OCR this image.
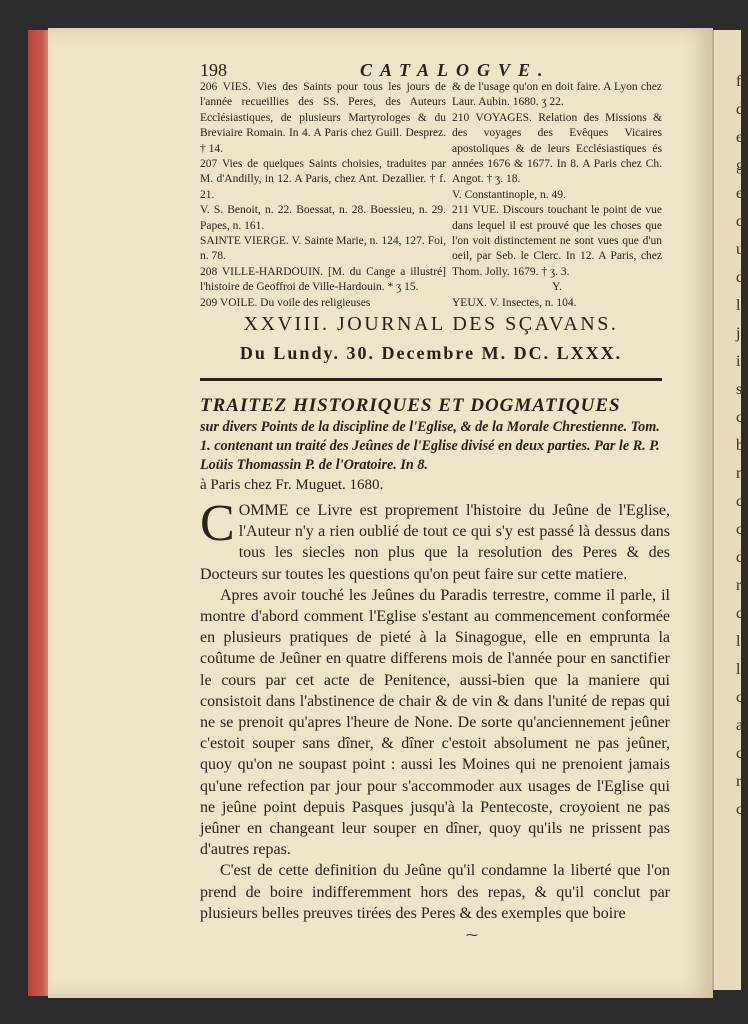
fc
d
e
g
e
q
u
d
l
j
i
s
c
b
n
c
c
d
r
c
l
l
c
a
c
r
c
198	CATALOGVE.

206 VIES. Vies des Saints pour tous les jours de l'année recueillies des SS. Peres, des Auteurs Ecclésiastiques, de plusieurs Martyrologes & du Breviaire Romain. In 4. A Paris chez Guill. Desprez. † 14.

207 Vies de quelques Saints choisies, traduites par M. d'Andilly, in 12. A Paris, chez Ant. Dezallier. † f. 21.

V. S. Benoit, n. 22. Boessat, n. 28. Boessieu, n. 29. Papes, n. 161.

SAINTE VIERGE. V. Sainte Marie, n. 124, 127. Foi, n. 78.

208 VILLE-HARDOUIN. [M. du Cange a illustré] l'histoire de Geoffroi de Ville-Hardouin. * ʒ 15.

209 VOILE. Du voile des religieuses

& de l'usage qu'on en doit faire. A Lyon chez Laur. Aubin. 1680. ʒ 22.

210 VOYAGES. Relation des Missions & des voyages des Evêques Vicaires apostoliques & de leurs Ecclésiastiques és années 1676 & 1677. In 8. A Paris chez Ch. Angot. † ʒ. 18.

V. Constantinople, n. 49.

211 VUE. Discours touchant le point de vue dans lequel il est prouvé que les choses que l'on voit distinctement ne sont vues que d'un oeil, par Seb. le Clerc. In 12. A Paris, chez Thom. Jolly. 1679. † ʒ. 3.

Y.

YEUX. V. Insectes, n. 104.

XXVIII. JOURNAL DES SÇAVANS.
Du Lundy. 30. Decembre M. DC. LXXX.

TRAITEZ HISTORIQUES ET DOGMATIQUES

sur divers Points de la discipline de l'Eglise, & de la Morale Chrestienne. Tom. 1. contenant un traité des Jeûnes de l'Eglise divisé en deux parties. Par le R. P. Loüis Thomassin P. de l'Oratoire. In 8.

à Paris chez Fr. Muguet. 1680.

COMME ce Livre est proprement l'histoire du Jeûne de l'Eglise, l'Auteur n'y a rien oublié de tout ce qui s'y est passé là dessus dans tous les siecles non plus que la resolution des Peres & des Docteurs sur toutes les questions qu'on peut faire sur cette matiere.

Apres avoir touché les Jeûnes du Paradis terrestre, comme il parle, il montre d'abord comment l'Eglise s'estant au commencement conformée en plusieurs pratiques de pieté à la Sinagogue, elle en emprunta la coûtume de Jeûner en quatre differens mois de l'année pour en sanctifier le cours par cet acte de Penitence, aussi-bien que la maniere qui consistoit dans l'abstinence de chair & de vin & dans l'unité de repas qui ne se prenoit qu'apres l'heure de None. De sorte qu'anciennement jeûner c'estoit souper sans dîner, & dîner c'estoit absolument ne pas jeûner, quoy qu'on ne soupast point : aussi les Moines qui ne prenoient jamais qu'une refection par jour pour s'accommoder aux usages de l'Eglise qui ne jeûne point depuis Pasques jusqu'à la Pentecoste, croyoient ne pas jeûner en changeant leur souper en dîner, quoy qu'ils ne prissent pas d'autres repas.

C'est de cette definition du Jeûne qu'il condamne la liberté que l'on prend de boire indifferemment hors des repas, & qu'il conclut par plusieurs belles preuves tirées des Peres & des exemples que boire

⁓
